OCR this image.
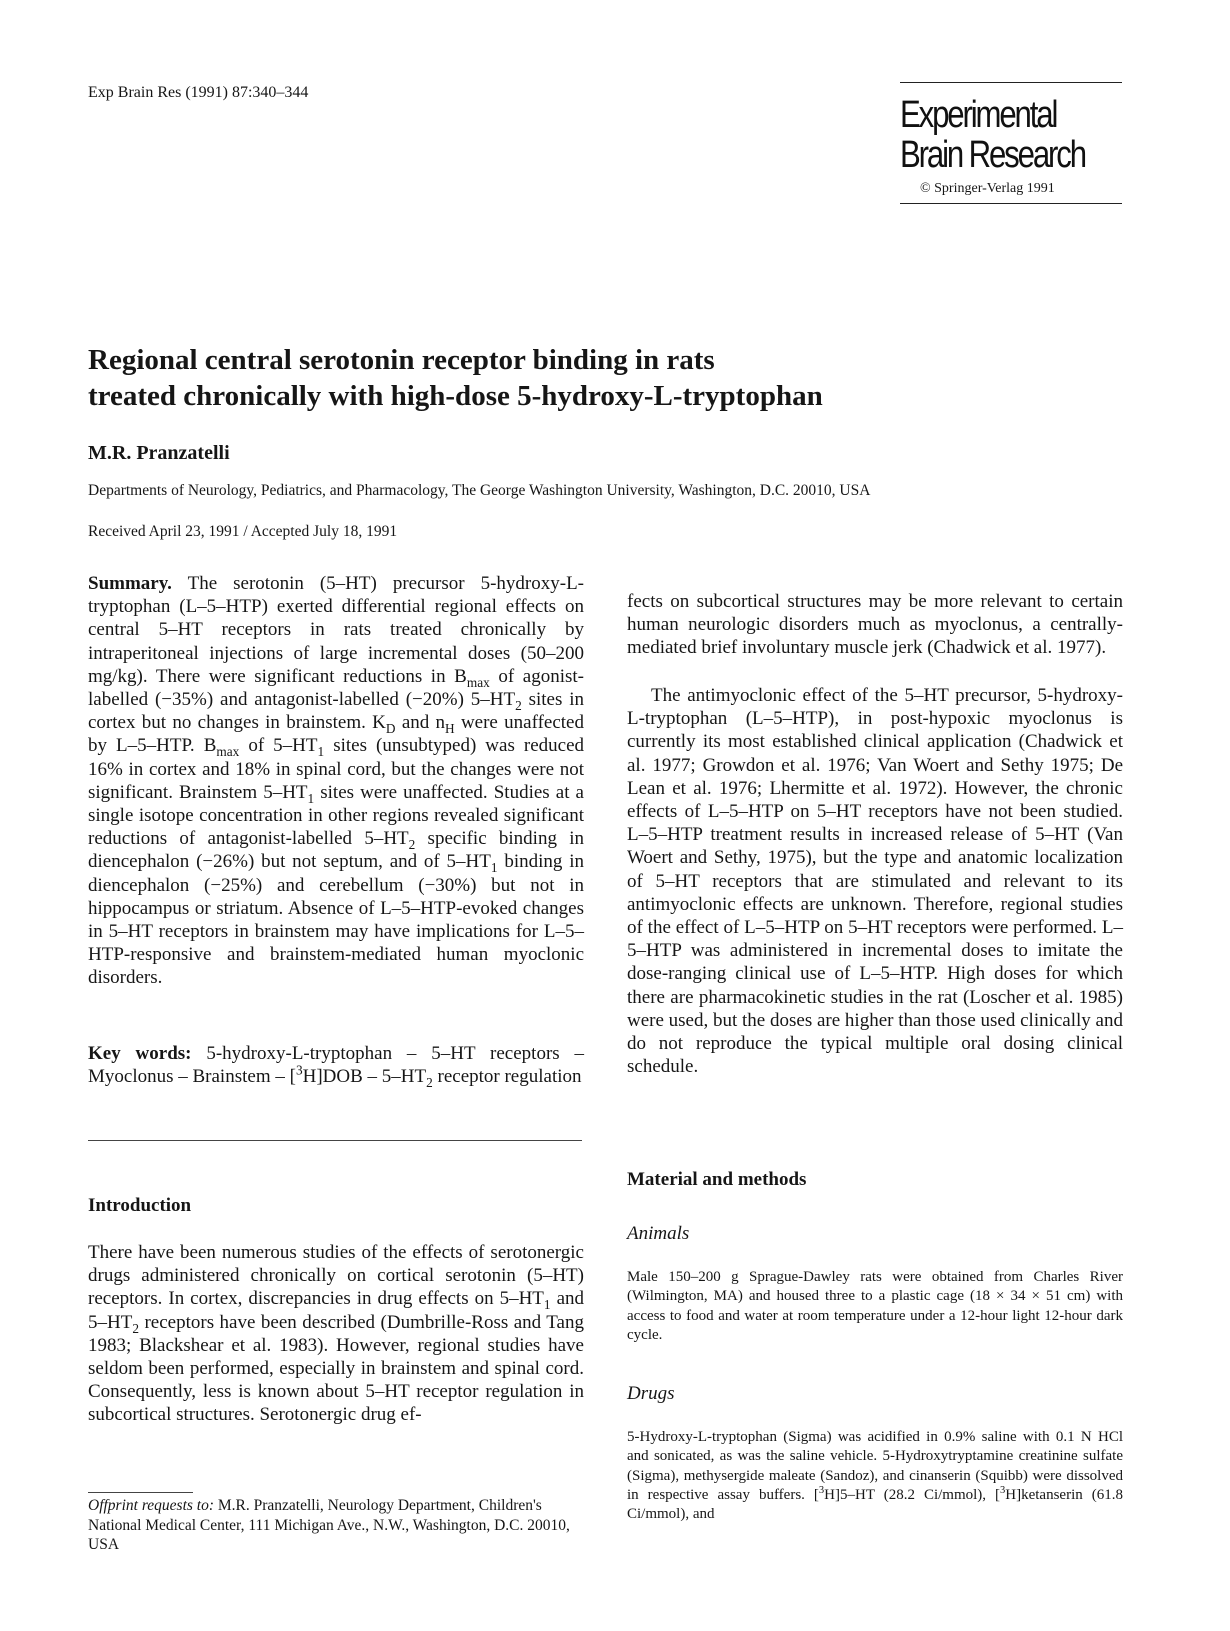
Exp Brain Res (1991) 87:340–344
Experimental
Brain Research
© Springer-Verlag 1991
Regional central serotonin receptor binding in rats
treated chronically with high-dose 5-hydroxy-L-tryptophan
M.R. Pranzatelli
Departments of Neurology, Pediatrics, and Pharmacology, The George Washington University, Washington, D.C. 20010, USA
Received April 23, 1991 / Accepted July 18, 1991

Summary. The serotonin (5–HT) precursor 5-hydroxy-L-tryptophan (L–5–HTP) exerted differential regional effects on central 5–HT receptors in rats treated chronically by intraperitoneal injections of large incremental doses (50–200 mg/kg). There were significant reductions in $B_{max}$ of agonist-labelled (−35%) and antagonist-labelled (−20%) $5-HT_2$ sites in cortex but no changes in brainstem. $K_D$ and $n_H$ were unaffected by L–5–HTP. $B_{max}$ of $5-HT_1$ sites (unsubtyped) was reduced 16% in cortex and 18% in spinal cord, but the changes were not significant. Brainstem $5-HT_1$ sites were unaffected. Studies at a single isotope concentration in other regions revealed significant reductions of antagonist-labelled $5-HT_2$ specific binding in diencephalon (−26%) but not septum, and of $5-HT_1$ binding in diencephalon (−25%) and cerebellum (−30%) but not in hippocampus or striatum. Absence of L–5–HTP-evoked changes in 5–HT receptors in brainstem may have implications for L–5–HTP-responsive and brainstem-mediated human myoclonic disorders.

Key words: 5-hydroxy-L-tryptophan – 5–HT receptors – Myoclonus – Brainstem – $[^3H]DOB - 5-HT_2$ receptor regulation

Introduction

There have been numerous studies of the effects of serotonergic drugs administered chronically on cortical serotonin (5–HT) receptors. In cortex, discrepancies in drug effects on $5-HT_1$ and $5-HT_2$ receptors have been described (Dumbrille-Ross and Tang 1983; Blackshear et al. 1983). However, regional studies have seldom been performed, especially in brainstem and spinal cord. Consequently, less is known about 5–HT receptor regulation in subcortical structures. Serotonergic drug ef-

Offprint requests to: M.R. Pranzatelli, Neurology Department, Children's National Medical Center, 111 Michigan Ave., N.W., Washington, D.C. 20010, USA

fects on subcortical structures may be more relevant to certain human neurologic disorders much as myoclonus, a centrally-mediated brief involuntary muscle jerk (Chadwick et al. 1977).

The antimyoclonic effect of the 5–HT precursor, 5-hydroxy-L-tryptophan (L–5–HTP), in post-hypoxic myoclonus is currently its most established clinical application (Chadwick et al. 1977; Growdon et al. 1976; Van Woert and Sethy 1975; De Lean et al. 1976; Lhermitte et al. 1972). However, the chronic effects of L–5–HTP on 5–HT receptors have not been studied. L–5–HTP treatment results in increased release of 5–HT (Van Woert and Sethy, 1975), but the type and anatomic localization of 5–HT receptors that are stimulated and relevant to its antimyoclonic effects are unknown. Therefore, regional studies of the effect of L–5–HTP on 5–HT receptors were performed. L–5–HTP was administered in incremental doses to imitate the dose-ranging clinical use of L–5–HTP. High doses for which there are pharmacokinetic studies in the rat (Loscher et al. 1985) were used, but the doses are higher than those used clinically and do not reproduce the typical multiple oral dosing clinical schedule.

Material and methods
Animals

Male 150–200 g Sprague-Dawley rats were obtained from Charles River (Wilmington, MA) and housed three to a plastic cage (18 × 34 × 51 cm) with access to food and water at room temperature under a 12-hour light 12-hour dark cycle.

Drugs

5-Hydroxy-L-tryptophan (Sigma) was acidified in 0.9% saline with 0.1 N HCl and sonicated, as was the saline vehicle. 5-Hydroxytryptamine creatinine sulfate (Sigma), methysergide maleate (Sandoz), and cinanserin (Squibb) were dissolved in respective assay buffers. [$^3$H]5–HT (28.2 Ci/mmol), [$^3$H]ketanserin (61.8 Ci/mmol), and
